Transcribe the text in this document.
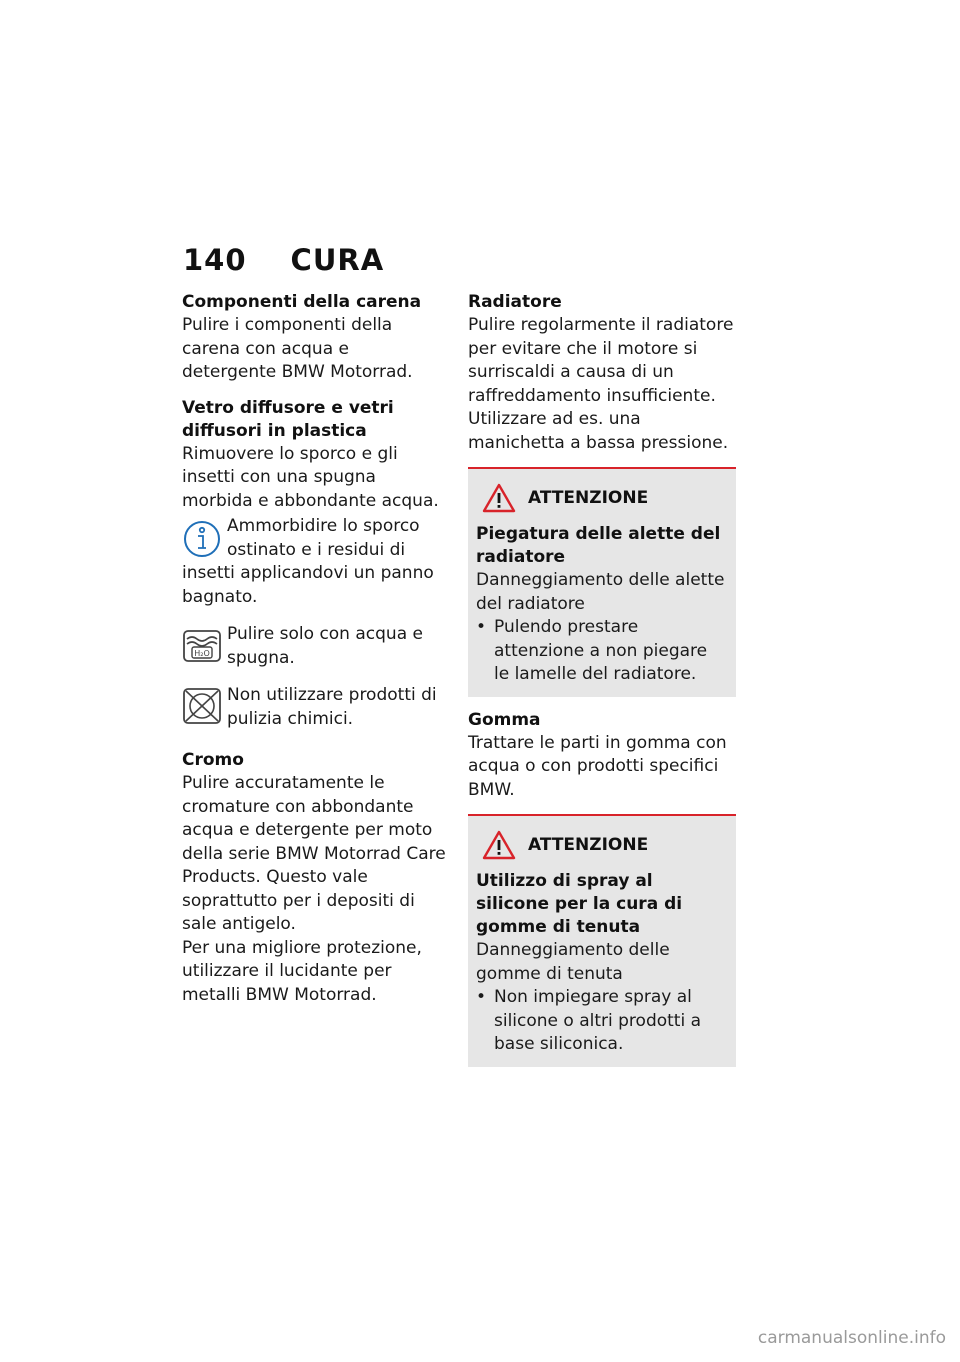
140 CURA

Componenti della carena

Pulire i componenti della carena con acqua e detergente BMW Motorrad.

Vetro diffusore e vetri diffusori in plastica

Rimuovere lo sporco e gli insetti con una spugna morbida e abbondante acqua.

Ammorbidire lo sporco ostinato e i residui di insetti applicandovi un panno bagnato.
H₂O
Pulire solo con acqua e spugna.
Non utilizzare prodotti di pulizia chimici.

Cromo

Pulire accuratamente le cromature con abbondante acqua e detergente per moto della serie BMW Motorrad Care Products. Questo vale soprattutto per i depositi di sale antigelo.

Per una migliore protezione, utilizzare il lucidante per metalli BMW Motorrad.

Radiatore

Pulire regolarmente il radiatore per evitare che il motore si surriscaldi a causa di un raffreddamento insufficiente.

Utilizzare ad es. una manichetta a bassa pressione.

ATTENZIONE

Piegatura delle alette del radiatore

Danneggiamento delle alette del radiatore

• Pulendo prestare attenzione a non piegare le lamelle del radiatore.

Gomma

Trattare le parti in gomma con acqua o con prodotti specifici BMW.

ATTENZIONE

Utilizzo di spray al silicone per la cura di gomme di tenuta

Danneggiamento delle gomme di tenuta

• Non impiegare spray al silicone o altri prodotti a base siliconica.
carmanualsonline.info
